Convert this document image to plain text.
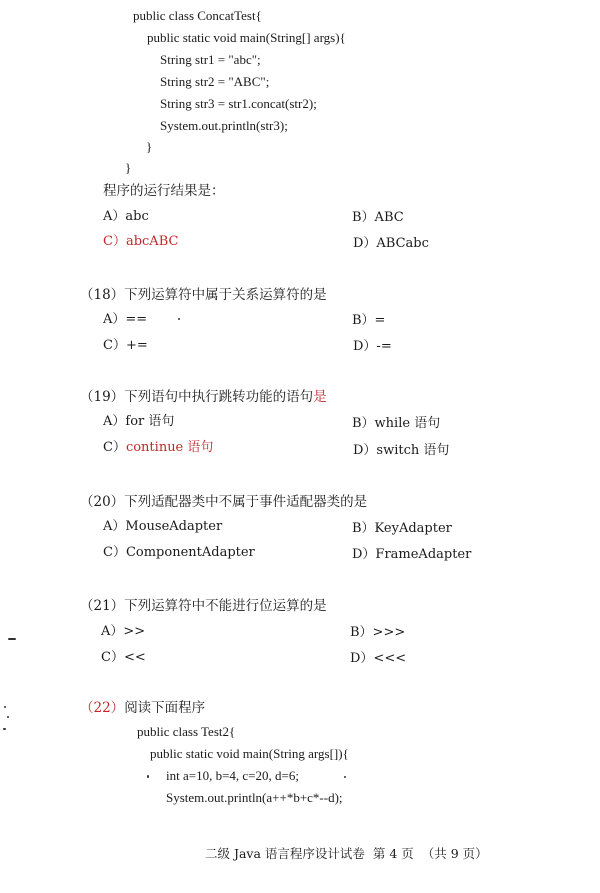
public class ConcatTest{
public static void main(String[] args){
String str1 = "abc";
String str2 = "ABC";
String str3 = str1.concat(str2);
System.out.println(str3);
}
}
程序的运行结果是：
A）abc	B）ABC
C）abcABC	D）ABCabc
（18）下列运算符中属于关系运算符的是
A）==	B）=
C）+=	D）-=
（19）下列语句中执行跳转功能的语句是
A）for 语句	B）while 语句
C）continue 语句	D）switch 语句
（20）下列适配器类中不属于事件适配器类的是
A）MouseAdapter	B）KeyAdapter
C）ComponentAdapter	D）FrameAdapter
（21）下列运算符中不能进行位运算的是
A）>>	B）>>>
C）<<	D）<<<
（22）阅读下面程序
public class Test2{
public static void main(String args[]){
int a=10, b=4, c=20, d=6;
System.out.println(a++*b+c*--d);
二级 Java 语言程序设计试卷  第 4 页  （共 9 页）
